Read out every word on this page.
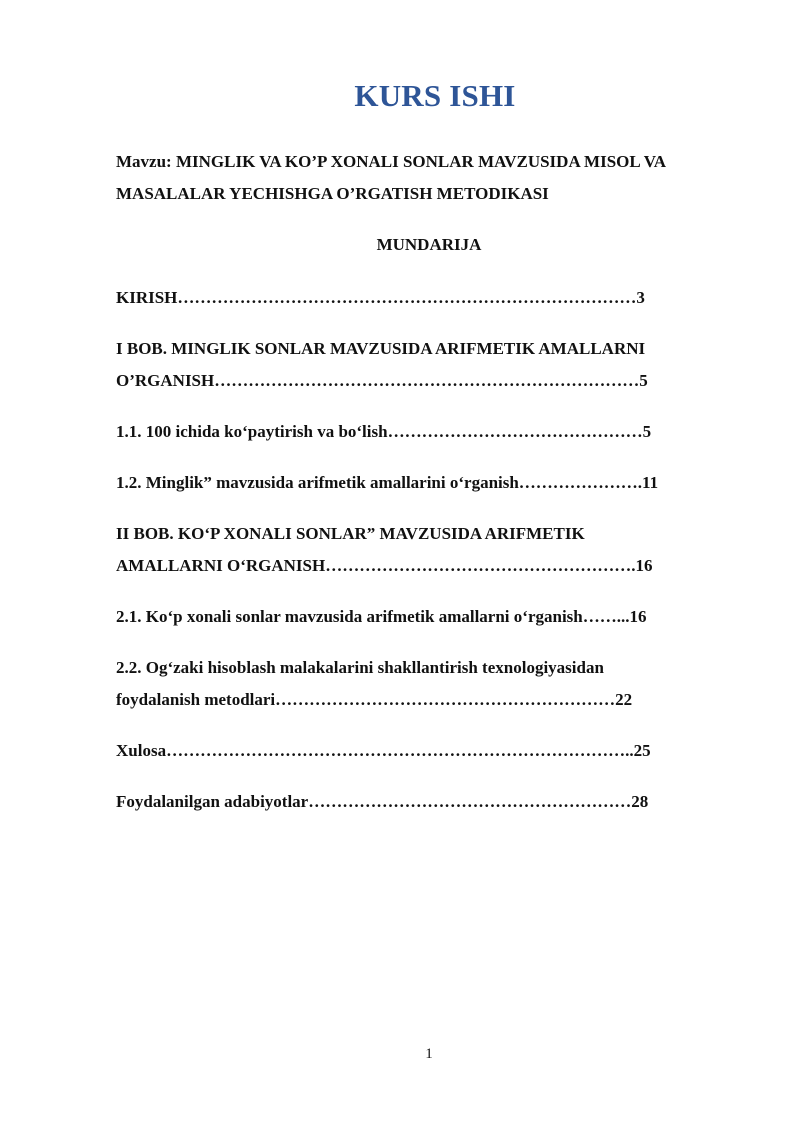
KURS ISHI

Mavzu: MINGLIK VA KO’P XONALI SONLAR MAVZUSIDA MISOL VA MASALALAR YECHISHGA O’RGATISH METODIKASI

MUNDARIJA
KIRISH………………………………………………………………………3
I BOB. MINGLIK SONLAR MAVZUSIDA ARIFMETIK AMALLARNI
O’RGANISH…………………………………………………………………5
1.1. 100 ichida ko‘paytirish va bo‘lish………………………………………5
1.2. Minglik” mavzusida arifmetik amallarini o‘rganish………………….11
II BOB. KO‘P XONALI SONLAR” MAVZUSIDA ARIFMETIK
AMALLARNI O‘RGANISH……………………………………………….16
2.1. Ko‘p xonali sonlar mavzusida arifmetik amallarni o‘rganish……...16
2.2. Og‘zaki hisoblash malakalarini shakllantirish texnologiyasidan
foydalanish metodlari……………………………………………………22
Xulosa………………………………………………………………………..25
Foydalanilgan adabiyotlar…………………………………………………28
1
